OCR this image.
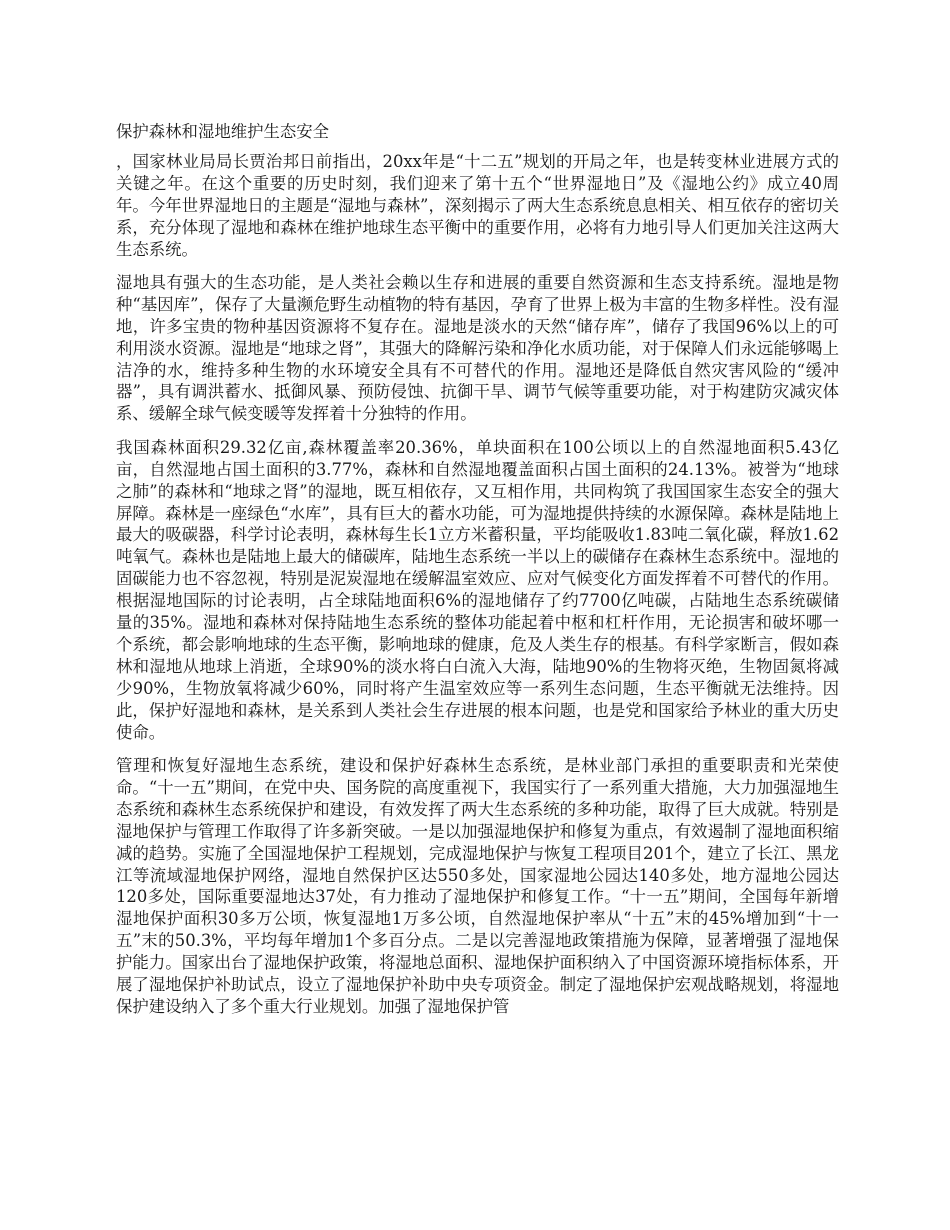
保护森林和湿地维护生态安全

，国家林业局局长贾治邦日前指出，20xx年是“十二五”规划的开局之年，也是转变林业进展方式的关键之年。在这个重要的历史时刻，我们迎来了第十五个“世界湿地日”及《湿地公约》成立40周年。今年世界湿地日的主题是“湿地与森林”，深刻揭示了两大生态系统息息相关、相互依存的密切关系，充分体现了湿地和森林在维护地球生态平衡中的重要作用，必将有力地引导人们更加关注这两大生态系统。

湿地具有强大的生态功能，是人类社会赖以生存和进展的重要自然资源和生态支持系统。湿地是物种“基因库”，保存了大量濒危野生动植物的特有基因，孕育了世界上极为丰富的生物多样性。没有湿地，许多宝贵的物种基因资源将不复存在。湿地是淡水的天然“储存库”，储存了我国96%以上的可利用淡水资源。湿地是“地球之肾”，其强大的降解污染和净化水质功能，对于保障人们永远能够喝上洁净的水，维持多种生物的水环境安全具有不可替代的作用。湿地还是降低自然灾害风险的“缓冲器”，具有调洪蓄水、抵御风暴、预防侵蚀、抗御干旱、调节气候等重要功能，对于构建防灾减灾体系、缓解全球气候变暖等发挥着十分独特的作用。

我国森林面积29.32亿亩,森林覆盖率20.36%，单块面积在100公顷以上的自然湿地面积5.43亿亩，自然湿地占国土面积的3.77%，森林和自然湿地覆盖面积占国土面积的24.13%。被誉为“地球之肺”的森林和“地球之肾”的湿地，既互相依存，又互相作用，共同构筑了我国国家生态安全的强大屏障。森林是一座绿色“水库”，具有巨大的蓄水功能，可为湿地提供持续的水源保障。森林是陆地上最大的吸碳器，科学讨论表明，森林每生长1立方米蓄积量，平均能吸收1.83吨二氧化碳，释放1.62吨氧气。森林也是陆地上最大的储碳库，陆地生态系统一半以上的碳储存在森林生态系统中。湿地的固碳能力也不容忽视，特别是泥炭湿地在缓解温室效应、应对气候变化方面发挥着不可替代的作用。根据湿地国际的讨论表明，占全球陆地面积6%的湿地储存了约7700亿吨碳，占陆地生态系统碳储量的35%。湿地和森林对保持陆地生态系统的整体功能起着中枢和杠杆作用，无论损害和破坏哪一个系统，都会影响地球的生态平衡，影响地球的健康，危及人类生存的根基。有科学家断言，假如森林和湿地从地球上消逝，全球90%的淡水将白白流入大海，陆地90%的生物将灭绝，生物固氮将减少90%，生物放氧将减少60%，同时将产生温室效应等一系列生态问题，生态平衡就无法维持。因此，保护好湿地和森林，是关系到人类社会生存进展的根本问题，也是党和国家给予林业的重大历史使命。

管理和恢复好湿地生态系统，建设和保护好森林生态系统，是林业部门承担的重要职责和光荣使命。“十一五”期间，在党中央、国务院的高度重视下，我国实行了一系列重大措施，大力加强湿地生态系统和森林生态系统保护和建设，有效发挥了两大生态系统的多种功能，取得了巨大成就。特别是湿地保护与管理工作取得了许多新突破。一是以加强湿地保护和修复为重点，有效遏制了湿地面积缩减的趋势。实施了全国湿地保护工程规划，完成湿地保护与恢复工程项目201个，建立了长江、黑龙江等流域湿地保护网络，湿地自然保护区达550多处，国家湿地公园达140多处，地方湿地公园达120多处，国际重要湿地达37处，有力推动了湿地保护和修复工作。“十一五”期间，全国每年新增湿地保护面积30多万公顷，恢复湿地1万多公顷，自然湿地保护率从“十五”末的45%增加到“十一五”末的50.3%，平均每年增加1个多百分点。二是以完善湿地政策措施为保障，显著增强了湿地保护能力。国家出台了湿地保护政策，将湿地总面积、湿地保护面积纳入了中国资源环境指标体系，开展了湿地保护补助试点，设立了湿地保护补助中央专项资金。制定了湿地保护宏观战略规划，将湿地保护建设纳入了多个重大行业规划。加强了湿地保护管
